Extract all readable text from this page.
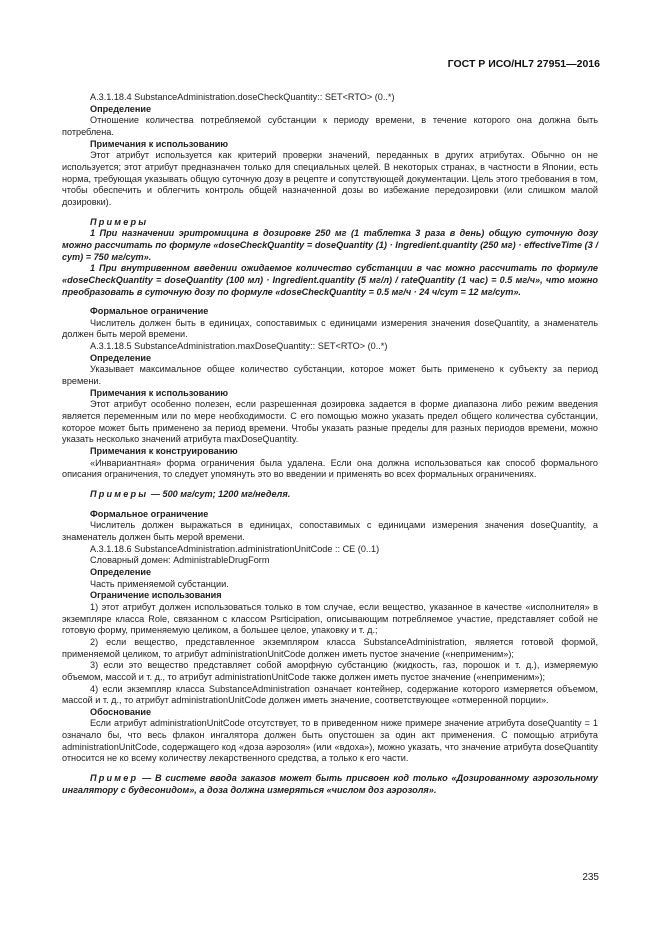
ГОСТ Р ИСО/HL7 27951—2016

A.3.1.18.4 SubstanceAdministration.doseCheckQuantity:: SET<RTO> (0..*)

Определение

Отношение количества потребляемой субстанции к периоду времени, в течение которого она должна быть потреблена.

Примечания к использованию

Этот атрибут используется как критерий проверки значений, переданных в других атрибутах. Обычно он не используется; этот атрибут предназначен только для специальных целей. В некоторых странах, в частности в Японии, есть норма, требующая указывать общую суточную дозу в рецепте и сопутствующей документации. Цель этого требования в том, чтобы обеспечить и облегчить контроль общей назначенной дозы во избежание передозировки (или слишком малой дозировки).

Примеры

1 При назначении эритромицина в дозировке 250 мг (1 таблетка 3 раза в день) общую суточную дозу можно рассчитать по формуле «doseCheckQuantity = doseQuantity (1) · Ingredient.quantity (250 мг) · effectiveTime (3 / сут) = 750 мг/сут».

1 При внутривенном введении ожидаемое количество субстанции в час можно рассчитать по формуле «doseCheckQuantity = doseQuantity (100 мл) · Ingredient.quantity (5 мг/л) / rateQuantity (1 час) = 0.5 мг/ч», что можно преобразовать в суточную дозу по формуле «doseCheckQuantity = 0.5 мг/ч · 24 ч/сут = 12 мг/сут».

Формальное ограничение

Числитель должен быть в единицах, сопоставимых с единицами измерения значения doseQuantity, а знаменатель должен быть мерой времени.

A.3.1.18.5 SubstanceAdministration.maxDoseQuantity:: SET<RTO> (0..*)

Определение

Указывает максимальное общее количество субстанции, которое может быть применено к субъекту за период времени.

Примечания к использованию

Этот атрибут особенно полезен, если разрешенная дозировка задается в форме диапазона либо режим введения является переменным или по мере необходимости. С его помощью можно указать предел общего количества субстанции, которое может быть применено за период времени. Чтобы указать разные пределы для разных периодов времени, можно указать несколько значений атрибута maxDoseQuantity.

Примечания к конструированию

«Инвариантная» форма ограничения была удалена. Если она должна использоваться как способ формального описания ограничения, то следует упомянуть это во введении и применять во всех формальных ограничениях.

Примеры — 500 мг/сут; 1200 мг/неделя.

Формальное ограничение

Числитель должен выражаться в единицах, сопоставимых с единицами измерения значения doseQuantity, а знаменатель должен быть мерой времени.

A.3.1.18.6 SubstanceAdministration.administrationUnitCode :: CE (0..1)

Словарный домен: AdministrableDrugForm

Определение

Часть применяемой субстанции.

Ограничение использования

1) этот атрибут должен использоваться только в том случае, если вещество, указанное в качестве «исполнителя» в экземпляре класса Role, связанном с классом Psrticipation, описывающим потребляемое участие, представляет собой не готовую форму, применяемую целиком, а большее целое, упаковку и т. д.;

2) если вещество, представленное экземпляром класса SubstanceAdministration, является готовой формой, применяемой целиком, то атрибут administrationUnitCode должен иметь пустое значение («неприменим»);

3) если это вещество представляет собой аморфную субстанцию (жидкость, газ, порошок и т. д.), измеряемую объемом, массой и т. д., то атрибут administrationUnitCode также должен иметь пустое значение («неприменим»);

4) если экземпляр класса SubstanceAdministration означает контейнер, содержание которого измеряется объемом, массой и т. д., то атрибут administrationUnitCode должен иметь значение, соответствующее «отмеренной порции».

Обоснование

Если атрибут administrationUnitCode отсутствует, то в приведенном ниже примере значение атрибута doseQuantity = 1 означало бы, что весь флакон ингалятора должен быть опустошен за один акт применения. С помощью атрибута administrationUnitCode, содержащего код «доза аэрозоля» (или «вдоха»), можно указать, что значение атрибута doseQuantity относится не ко всему количеству лекарственного средства, а только к его части.

Пример — В системе ввода заказов может быть присвоен код только «Дозированному аэрозольному ингалятору с будесонидом», а доза должна измеряться «числом доз аэрозоля».

235
